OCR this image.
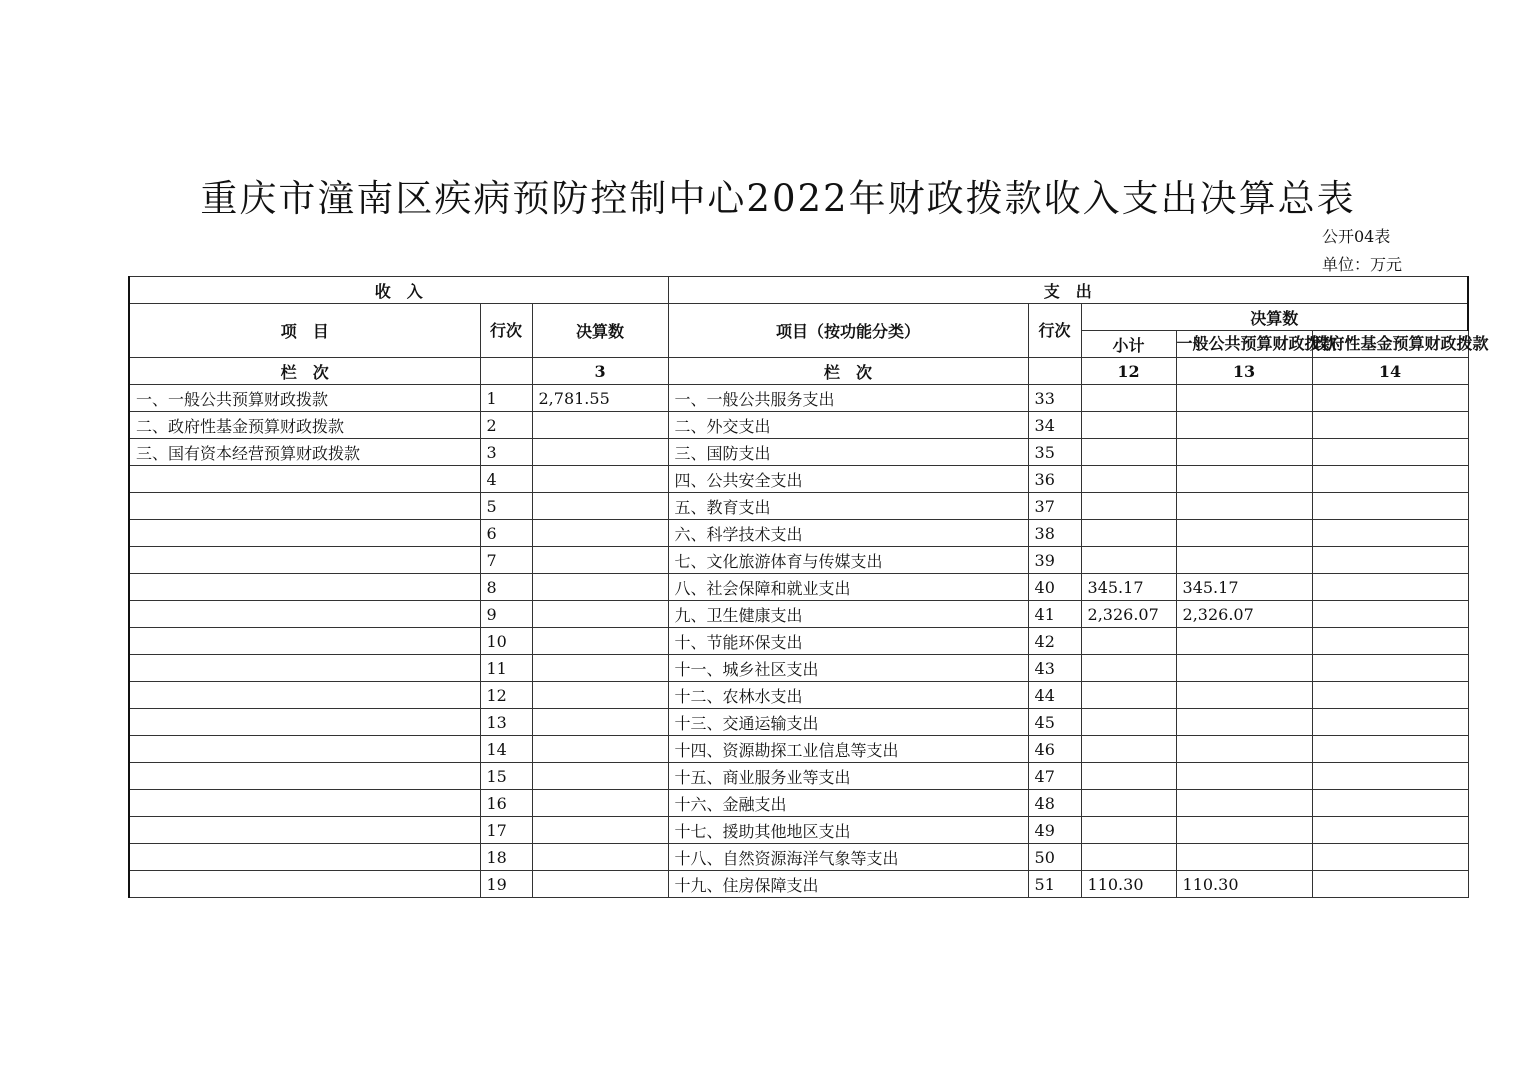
重庆市潼南区疾病预防控制中心2022年财政拨款收入支出决算总表
公开04表
单位：万元
收　入			支　出				
项　目	行次	决算数	项目（按功能分类）	行次	决算数		
					小计	一般公共预算财政拨款	政府性基金预算财政拨款
栏　次		3	栏　次		12	13	14
一、一般公共预算财政拨款	1	2,781.55	一、一般公共服务支出	33			
二、政府性基金预算财政拨款	2		二、外交支出	34			
三、国有资本经营预算财政拨款	3		三、国防支出	35			
	4		四、公共安全支出	36			
	5		五、教育支出	37			
	6		六、科学技术支出	38			
	7		七、文化旅游体育与传媒支出	39			
	8		八、社会保障和就业支出	40	345.17	345.17	
	9		九、卫生健康支出	41	2,326.07	2,326.07	
	10		十、节能环保支出	42			
	11		十一、城乡社区支出	43			
	12		十二、农林水支出	44			
	13		十三、交通运输支出	45			
	14		十四、资源勘探工业信息等支出	46			
	15		十五、商业服务业等支出	47			
	16		十六、金融支出	48			
	17		十七、援助其他地区支出	49			
	18		十八、自然资源海洋气象等支出	50			
	19		十九、住房保障支出	51	110.30	110.30	
